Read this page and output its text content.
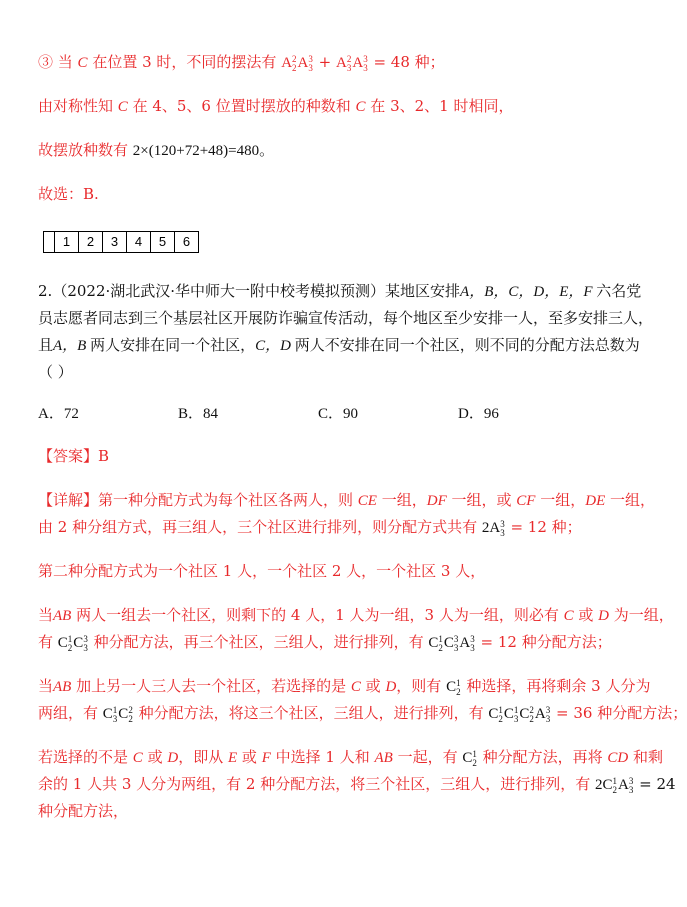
③ 当 C 在位置 3 时，不同的摆法有 A 2
2 A 3
3 + A 2
3 A 3
3 = 48 种；
由对称性知 C 在 4、5、6 位置时摆放的种数和 C 在 3、2、1 时相同，
故摆放种数有 2×(120+72+48)=480。
故选：B.
1	2	3	4	5	6
2.（2022·湖北武汉·华中师大一附中校考模拟预测）某地区安排A，B，C，D，E，F 六名党
员志愿者同志到三个基层社区开展防诈骗宣传活动，每个地区至少安排一人，至多安排三人，
且A，B 两人安排在同一个社区，C，D 两人不安排在同一个社区，则不同的分配方法总数为
（ ）
A．72	B．84	C．90	D．96
【答案】B
【详解】第一种分配方式为每个社区各两人，则 CE 一组，DF 一组，或 CF 一组，DE 一组，
由 2 种分组方式，再三组人，三个社区进行排列，则分配方式共有 2A 3
3 = 12 种；
第二种分配方式为一个社区 1 人，一个社区 2 人，一个社区 3 人，
当AB 两人一组去一个社区，则剩下的 4 人，1 人为一组，3 人为一组，则必有 C 或 D 为一组，
有 C 1
2 C 3
3 种分配方法，再三个社区，三组人，进行排列，有 C 1
2 C 3
3 A 3
3 = 12 种分配方法；
当AB 加上另一人三人去一个社区，若选择的是 C 或 D，则有 C 1
2 种选择，再将剩余 3 人分为
两组，有 C 1
3 C 2
2 种分配方法，将这三个社区，三组人，进行排列，有 C 1
2 C 1
3 C 2
2 A 3
3 = 36 种分配方法；
若选择的不是 C 或 D，即从 E 或 F 中选择 1 人和 AB 一起，有 C 1
2 种分配方法，再将 CD 和剩
余的 1 人共 3 人分为两组，有 2 种分配方法，将三个社区，三组人，进行排列，有 2C 1
2 A 3
3 = 24
种分配方法，
